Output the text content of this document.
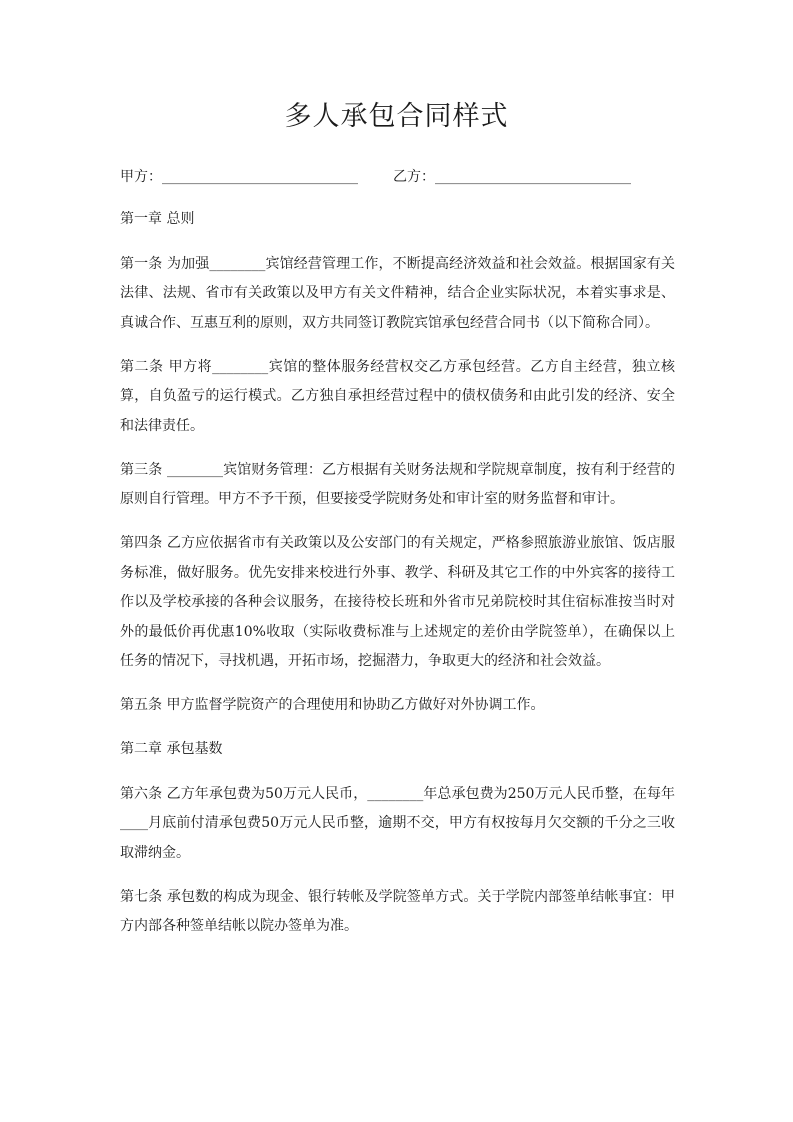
多人承包合同样式
甲方：____________________________	乙方：____________________________

第一章 总则

第一条 为加强________宾馆经营管理工作，不断提高经济效益和社会效益。根据国家有关法律、法规、省市有关政策以及甲方有关文件精神，结合企业实际状况，本着实事求是、真诚合作、互惠互利的原则，双方共同签订教院宾馆承包经营合同书（以下简称合同）。

第二条 甲方将________宾馆的整体服务经营权交乙方承包经营。乙方自主经营，独立核算，自负盈亏的运行模式。乙方独自承担经营过程中的债权债务和由此引发的经济、安全和法律责任。

第三条 ________宾馆财务管理：乙方根据有关财务法规和学院规章制度，按有利于经营的原则自行管理。甲方不予干预，但要接受学院财务处和审计室的财务监督和审计。

第四条 乙方应依据省市有关政策以及公安部门的有关规定，严格参照旅游业旅馆、饭店服务标准，做好服务。优先安排来校进行外事、教学、科研及其它工作的中外宾客的接待工作以及学校承接的各种会议服务，在接待校长班和外省市兄弟院校时其住宿标准按当时对外的最低价再优惠10%收取（实际收费标准与上述规定的差价由学院签单），在确保以上任务的情况下，寻找机遇，开拓市场，挖掘潜力，争取更大的经济和社会效益。

第五条 甲方监督学院资产的合理使用和协助乙方做好对外协调工作。

第二章 承包基数

第六条 乙方年承包费为50万元人民币，________年总承包费为250万元人民币整，在每年____月底前付清承包费50万元人民币整，逾期不交，甲方有权按每月欠交额的千分之三收取滞纳金。

第七条 承包数的构成为现金、银行转帐及学院签单方式。关于学院内部签单结帐事宜：甲方内部各种签单结帐以院办签单为准。
